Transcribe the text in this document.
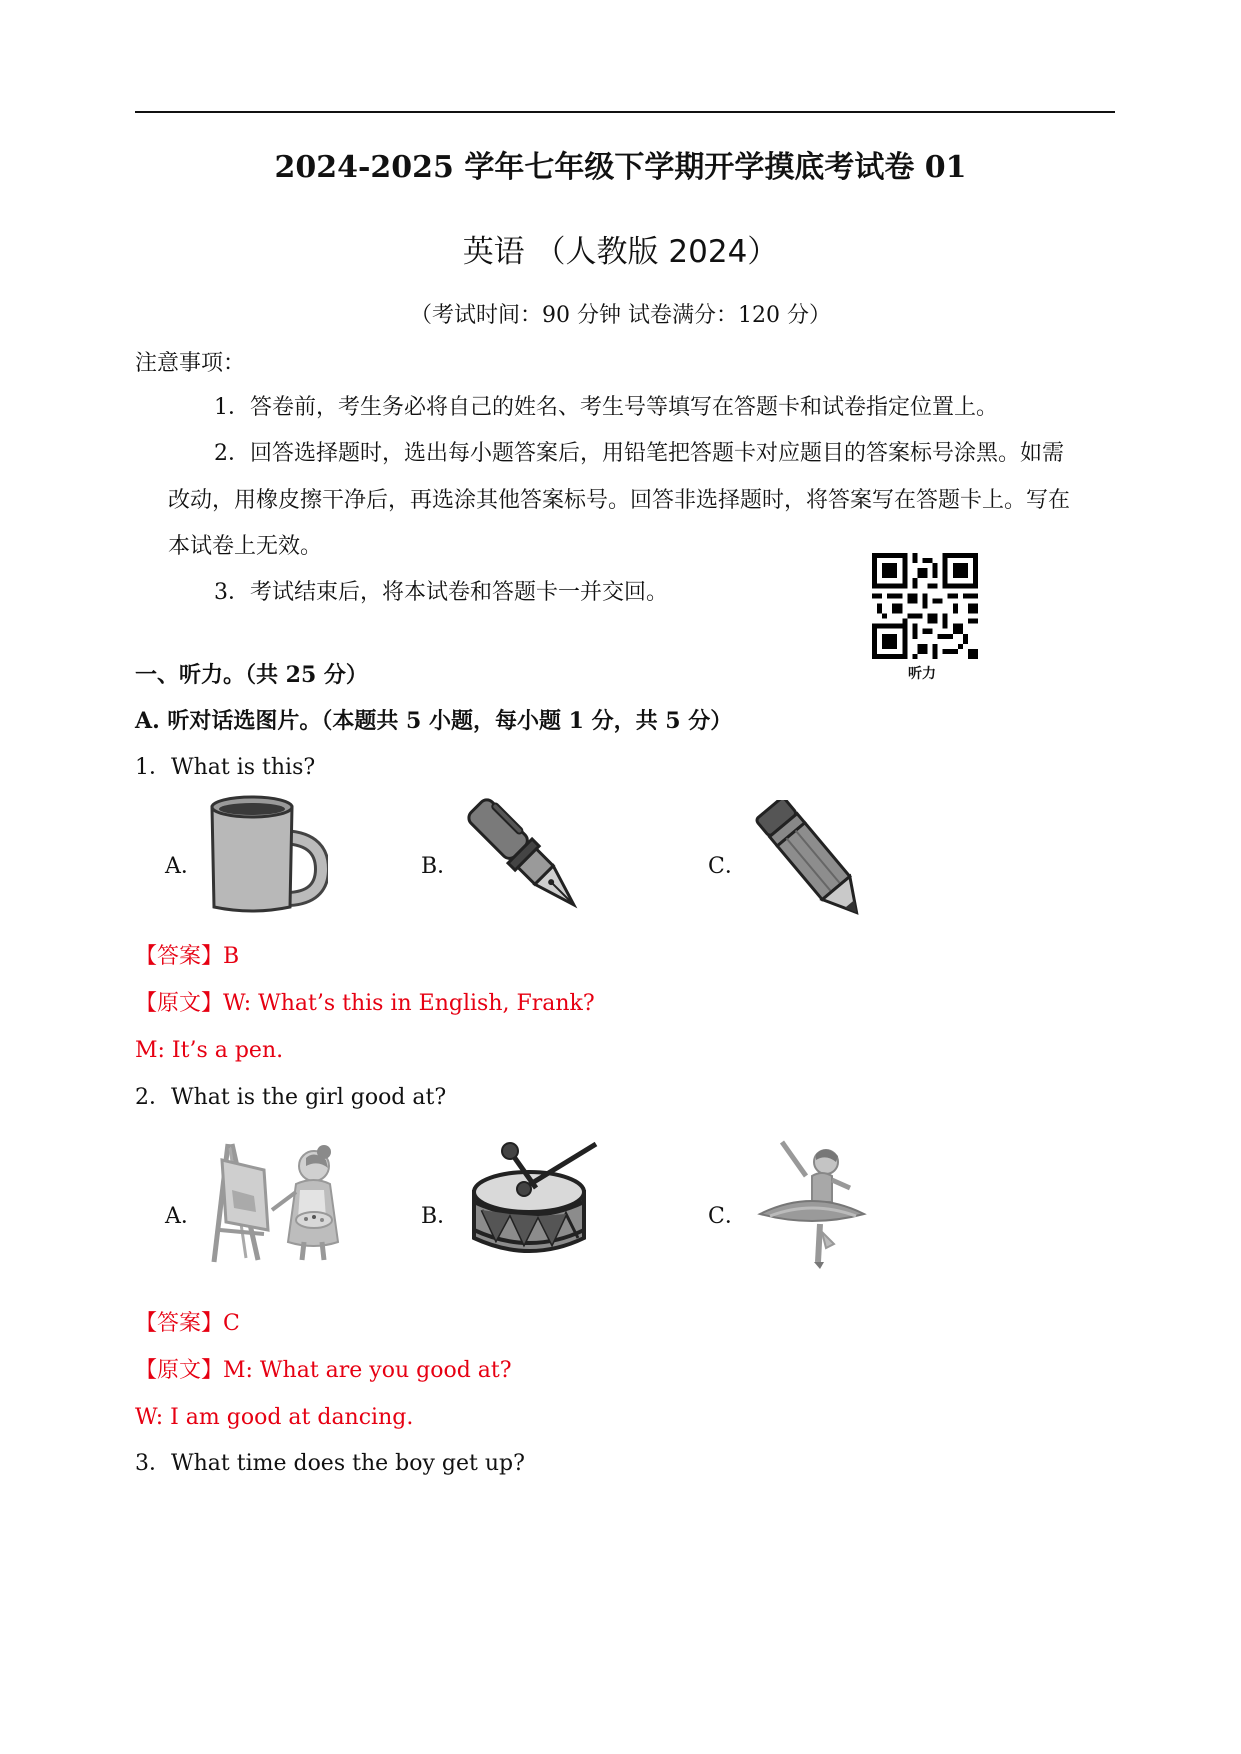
2024-2025 学年七年级下学期开学摸底考试卷 01
英语 （人教版 2024）
（考试时间：90 分钟 试卷满分：120 分）
注意事项：
1．答卷前，考生务必将自己的姓名、考生号等填写在答题卡和试卷指定位置上。
2．回答选择题时，选出每小题答案后，用铅笔把答题卡对应题目的答案标号涂黑。如需
改动，用橡皮擦干净后，再选涂其他答案标号。回答非选择题时，将答案写在答题卡上。写在
本试卷上无效。
3．考试结束后，将本试卷和答题卡一并交回。
听力
一、听力。（共 25 分）
A. 听对话选图片。（本题共 5 小题，每小题 1 分，共 5 分）
1．What is this?
A．	B．	C．
【答案】B
【原文】W: What’s this in English, Frank?
M: It’s a pen.
2．What is the girl good at?
A．	B．	C．
【答案】C
【原文】M: What are you good at?
W: I am good at dancing.
3．What time does the boy get up?
